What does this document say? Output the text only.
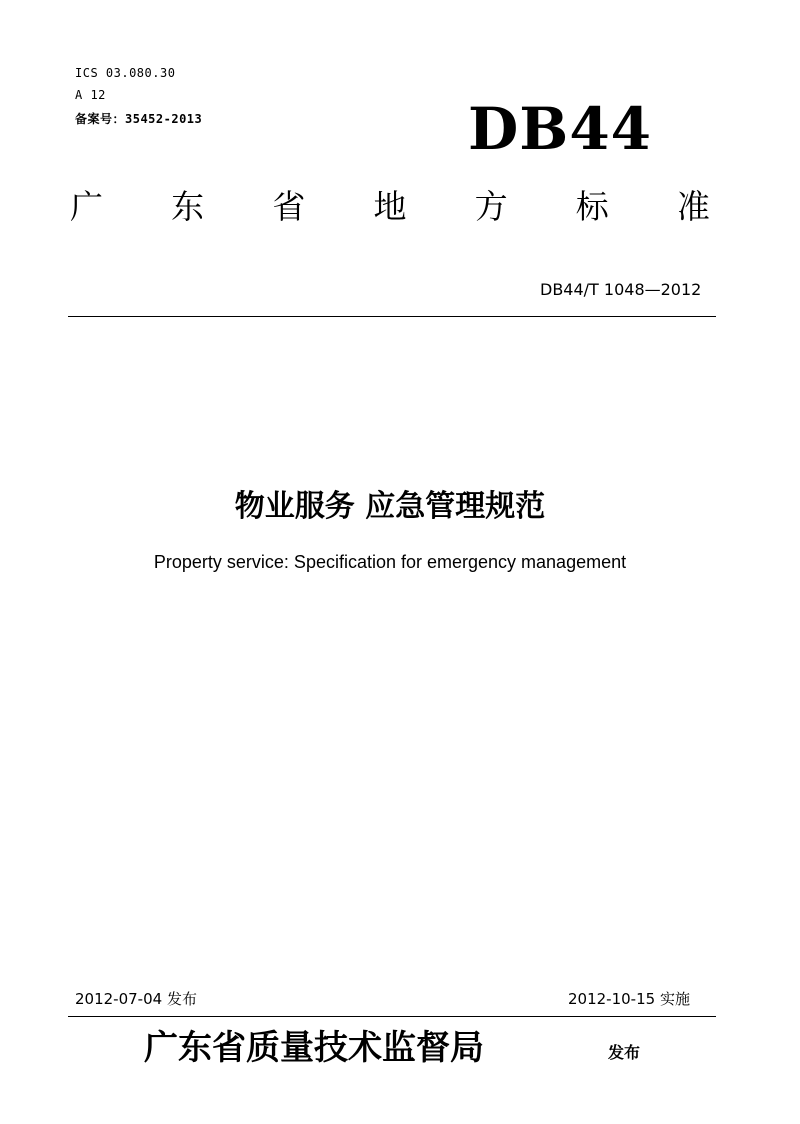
ICS 03.080.30
A 12
备案号：35452-2013	DB44
广 东 省 地 方 标 准
DB44/T 1048—2012
物业服务 应急管理规范
Property service: Specification for emergency management
2012-07-04 发布	2012-10-15 实施
广东省质量技术监督局	发布
